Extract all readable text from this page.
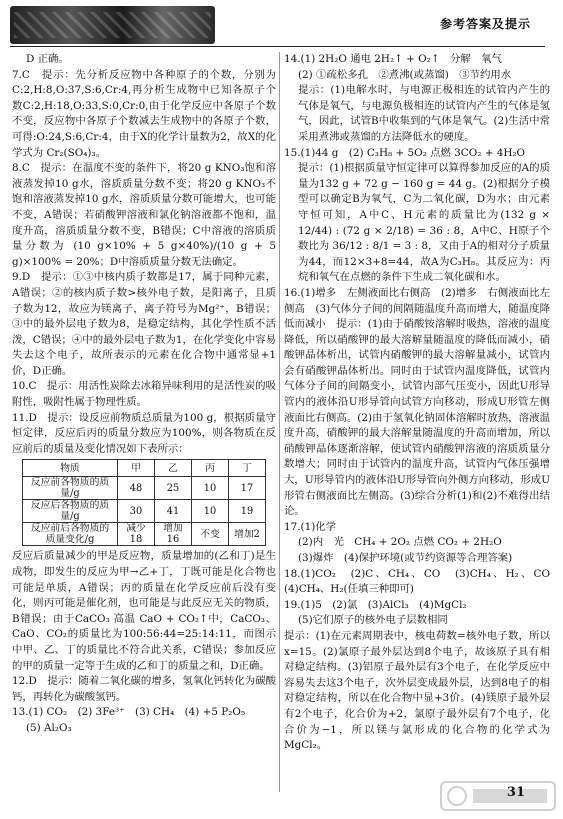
参考答案及提示

D 正确。

7.C　提示：先分析反应物中各种原子的个数，分别为C:2,H:8,O:37,S:6,Cr:4,再分析生成物中已知各原子个数C:2,H:18,O:33,S:0,Cr:0,由于化学反应中各原子个数不变，反应物中各原子个数减去生成物中的各原子个数，可得:O:24,S:6,Cr:4，由于X的化学计量数为2，故X的化学式为 Cr₂(SO₄)₃。

8.C　提示：在温度不变的条件下，将20 g KNO₃饱和溶液蒸发掉10 g水，溶质质量分数不变；将20 g KNO₃不饱和溶液蒸发掉10 g水，溶质质量分数可能增大，也可能不变，A错误；若硝酸钾溶液和氯化钠溶液都不饱和，温度升高，溶质质量分数不变，B错误；C中溶液的溶质质量分数为 (10 g×10% + 5 g×40%)/(10 g + 5 g)×100% = 20%；D中溶质质量分数无法确定。

9.D　提示：①③中核内质子数都是17，属于同种元素，A错误；②的核内质子数>核外电子数，是阳离子，且质子数为12，故应为镁离子，离子符号为Mg²⁺，B错误；③中的最外层电子数为8，是稳定结构，其化学性质不活泼，C错误；④中的最外层电子数为1，在化学变化中容易失去这个电子，故所表示的元素在化合物中通常显+1价，D正确。

10.C　提示：用活性炭除去冰箱异味利用的是活性炭的吸附性，吸附性属于物理性质。

11.D　提示：设反应前物质总质量为100 g，根据质量守恒定律，反应后丙的质量分数应为100%，则各物质在反应前后的质量及变化情况如下表所示：

物质	甲	乙	丙	丁
反应前各物质的质量/g	48	25	10	17
反应后各物质的质量/g	30	41	10	19
反应前后各物质的质量变化/g	减少18	增加16	不变	增加2

反应后质量减少的甲是反应物，质量增加的(乙和丁)是生成物，即发生的反应为甲→乙+丁，丁既可能是化合物也可能是单质，A错误；丙的质量在化学反应前后没有变化，则丙可能是催化剂，也可能是与此反应无关的物质，B错误；由于CaCO₃ 高温 CaO + CO₂↑中，CaCO₃、CaO、CO₂的质量比为100:56:44=25:14:11，而图示中甲、乙、丁的质量比不符合此关系，C错误；参加反应的甲的质量一定等于生成的乙和丁的质量之和，D正确。

12.D　提示：随着二氧化碳的增多，氢氧化钙转化为碳酸钙，再转化为碳酸氢钙。

13.(1) CO₂　(2) 3Fe³⁺　(3) CH₄　(4) +5 P₂O₅

(5) Al₂O₃

14.(1) 2H₂O 通电 2H₂↑ + O₂↑　分解　氧气

(2) ①疏松多孔　②煮沸(或蒸馏)　③节约用水

提示：(1)电解水时，与电源正极相连的试管内产生的气体是氧气，与电源负极相连的试管内产生的气体是氢气，因此，试管B中收集到的气体是氧气。(2)生活中常采用煮沸或蒸馏的方法降低水的硬度。

15.(1)44 g　(2) C₃H₈ + 5O₂ 点燃 3CO₂ + 4H₂O

提示：(1)根据质量守恒定律可以算得参加反应的A的质量为132 g + 72 g − 160 g = 44 g。(2)根据分子模型可以确定B为氧气，C为二氧化碳，D为水；由元素守恒可知，A中C、H元素的质量比为(132 g × 12/44) : (72 g × 2/18) = 36 : 8，A中C、H原子个数比为 36/12 : 8/1 = 3 : 8，又由于A的相对分子质量为44，而12×3+8=44，故A为C₃H₈。其反应为：丙烷和氧气在点燃的条件下生成二氧化碳和水。

16.(1)增多　左侧液面比右侧高　(2)增多　右侧液面比左侧高　(3)气体分子间的间隔随温度升高而增大，随温度降低而减小　提示：(1)由于硝酸铵溶解时吸热，溶液的温度降低，所以硝酸钾的最大溶解量随温度的降低而减小，硝酸钾晶体析出，试管内硝酸钾的最大溶解量减小，试管内会有硝酸钾晶体析出。同时由于试管内温度降低，试管内气体分子间的间隔变小，试管内部气压变小，因此U形导管内的液体沿U形导管向试管方向移动，形成U形管左侧液面比右侧高。(2)由于氢氧化钠固体溶解时放热，溶液温度升高，硝酸钾的最大溶解量随温度的升高而增加，所以硝酸钾晶体逐渐溶解，使试管内硝酸钾溶液的溶质质量分数增大；同时由于试管内的温度升高，试管内气体压强增大，U形导管内的液体沿U形导管向外侧方向移动，形成U形管右侧液面比左侧高。(3)综合分析(1)和(2)不难得出结论。

17.(1)化学

(2)内　光　CH₄ + 2O₂ 点燃 CO₂ + 2H₂O

(3)爆炸　(4)保护环境(或节约资源等合理答案)

18.(1)CO₂　(2)C、CH₄、CO　(3)CH₄、H₂、CO　(4)CH₄、H₂(任填三种即可)

19.(1)5　(2)氯　(3)AlCl₃　(4)MgCl₂

(5)它们原子的核外电子层数相同

提示：(1)在元素周期表中，核电荷数=核外电子数，所以x=15。(2)氯原子最外层达到8个电子，故该原子具有相对稳定结构。(3)铝原子最外层有3个电子，在化学反应中容易失去这3个电子，次外层变成最外层，达到8电子的相对稳定结构，所以在化合物中显+3价。(4)镁原子最外层有2个电子，化合价为+2，氯原子最外层有7个电子，化合价为−1，所以镁与氯形成的化合物的化学式为MgCl₂。

31
